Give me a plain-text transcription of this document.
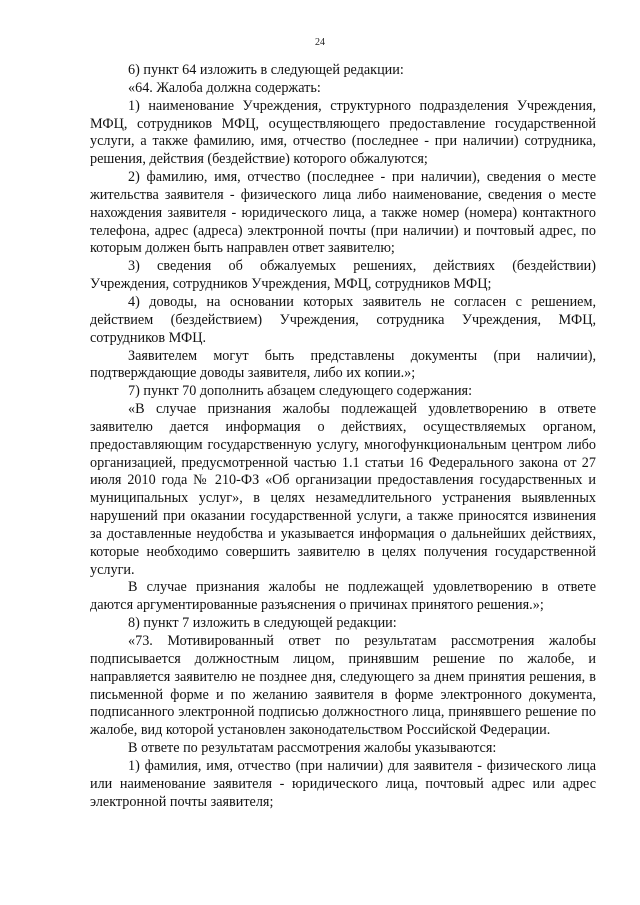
24

6) пункт 64 изложить в следующей редакции:

«64. Жалоба должна содержать:

1) наименование Учреждения, структурного подразделения Учреждения, МФЦ, сотрудников МФЦ, осуществляющего предоставление государственной услуги, а также фамилию, имя, отчество (последнее - при наличии) сотрудника, решения, действия (бездействие) которого обжалуются;

2) фамилию, имя, отчество (последнее - при наличии), сведения о месте жительства заявителя - физического лица либо наименование, сведения о месте нахождения заявителя - юридического лица, а также номер (номера) контактного телефона, адрес (адреса) электронной почты (при наличии) и почтовый адрес, по которым должен быть направлен ответ заявителю;

3) сведения об обжалуемых решениях, действиях (бездействии) Учреждения, сотрудников Учреждения, МФЦ, сотрудников МФЦ;

4) доводы, на основании которых заявитель не согласен с решением, действием (бездействием) Учреждения, сотрудника Учреждения, МФЦ, сотрудников МФЦ.

Заявителем могут быть представлены документы (при наличии), подтверждающие доводы заявителя, либо их копии.»;

7) пункт 70 дополнить абзацем следующего содержания:

«В случае признания жалобы подлежащей удовлетворению в ответе заявителю дается информация о действиях, осуществляемых органом, предоставляющим государственную услугу, многофункциональным центром либо организацией, предусмотренной частью 1.1 статьи 16 Федерального закона от 27 июля 2010 года № 210-ФЗ «Об организации предоставления государственных и муниципальных услуг», в целях незамедлительного устранения выявленных нарушений при оказании государственной услуги, а также приносятся извинения за доставленные неудобства и указывается информация о дальнейших действиях, которые необходимо совершить заявителю в целях получения государственной услуги.

В случае признания жалобы не подлежащей удовлетворению в ответе даются аргументированные разъяснения о причинах принятого решения.»;

8) пункт 7 изложить в следующей редакции:

«73. Мотивированный ответ по результатам рассмотрения жалобы подписывается должностным лицом, принявшим решение по жалобе, и направляется заявителю не позднее дня, следующего за днем принятия решения, в письменной форме и по желанию заявителя в форме электронного документа, подписанного электронной подписью должностного лица, принявшего решение по жалобе, вид которой установлен законодательством Российской Федерации.

В ответе по результатам рассмотрения жалобы указываются:

1) фамилия, имя, отчество (при наличии) для заявителя - физического лица или наименование заявителя - юридического лица, почтовый адрес или адрес электронной почты заявителя;
